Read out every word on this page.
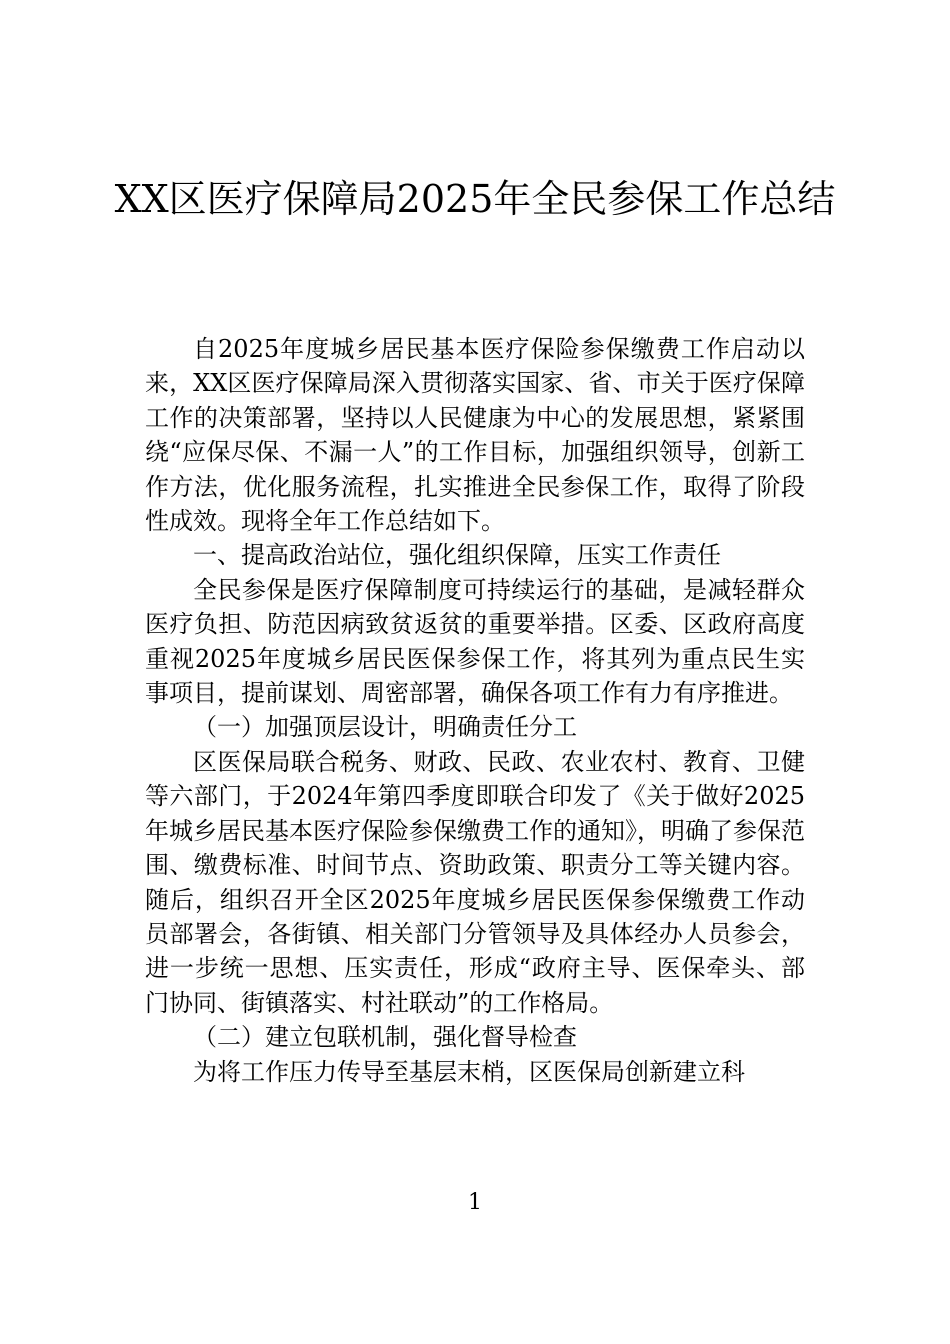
XX区医疗保障局2025年全民参保工作总结

自2025年度城乡居民基本医疗保险参保缴费工作启动以来，XX区医疗保障局深入贯彻落实国家、省、市关于医疗保障工作的决策部署，坚持以人民健康为中心的发展思想，紧紧围绕“应保尽保、不漏一人”的工作目标，加强组织领导，创新工作方法，优化服务流程，扎实推进全民参保工作，取得了阶段性成效。现将全年工作总结如下。

一、提高政治站位，强化组织保障，压实工作责任

全民参保是医疗保障制度可持续运行的基础，是减轻群众医疗负担、防范因病致贫返贫的重要举措。区委、区政府高度重视2025年度城乡居民医保参保工作，将其列为重点民生实事项目，提前谋划、周密部署，确保各项工作有力有序推进。

（一）加强顶层设计，明确责任分工

区医保局联合税务、财政、民政、农业农村、教育、卫健等六部门，于2024年第四季度即联合印发了《关于做好2025年城乡居民基本医疗保险参保缴费工作的通知》，明确了参保范围、缴费标准、时间节点、资助政策、职责分工等关键内容。随后，组织召开全区2025年度城乡居民医保参保缴费工作动员部署会，各街镇、相关部门分管领导及具体经办人员参会，进一步统一思想、压实责任，形成“政府主导、医保牵头、部门协同、街镇落实、村社联动”的工作格局。

（二）建立包联机制，强化督导检查

为将工作压力传导至基层末梢，区医保局创新建立科

1
